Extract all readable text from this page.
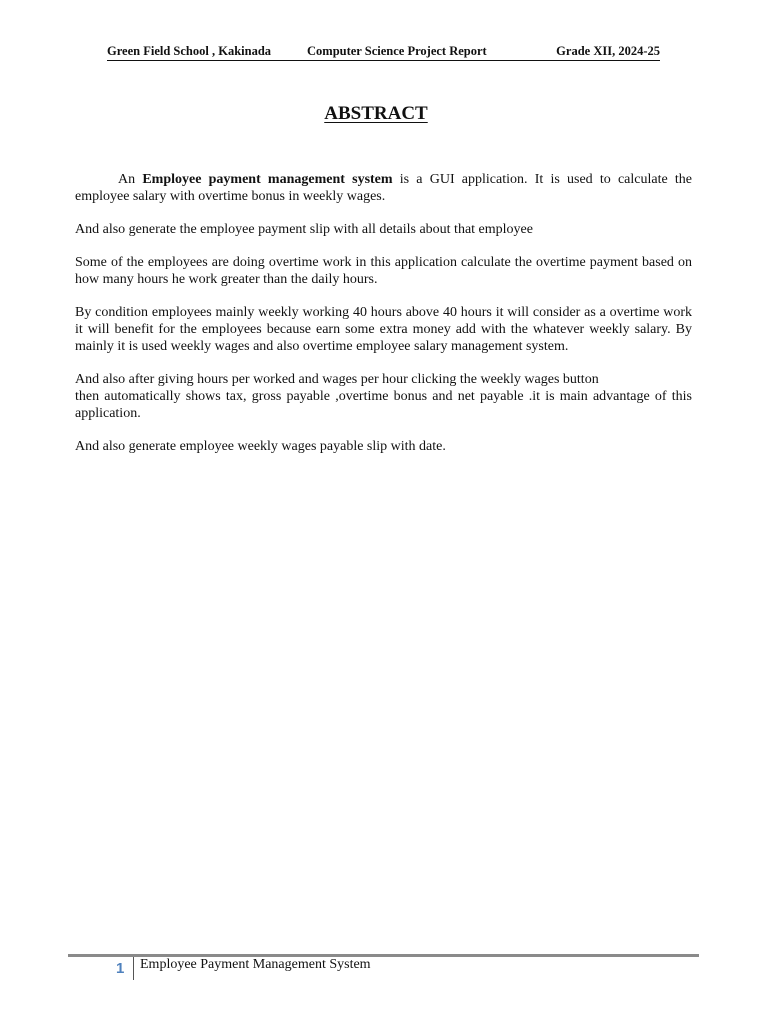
Green Field School , Kakinada	Computer Science Project Report	Grade XII, 2024-25
ABSTRACT

An Employee payment management system is a GUI application. It is used to calculate the employee salary with overtime bonus in weekly wages.

And also generate the employee payment slip with all details about that employee

Some of the employees are doing overtime work in this application calculate the overtime payment based on how many hours he work greater than the daily hours.

By condition employees mainly weekly working 40 hours above 40 hours it will consider as a overtime work it will benefit for the employees because earn some extra money add with the whatever weekly salary. By mainly it is used weekly wages and also overtime employee salary management system.

And also after giving hours per worked and wages per hour clicking the weekly wages button

then automatically shows tax, gross payable ,overtime bonus and net payable .it is main advantage of this application.

And also generate employee weekly wages payable slip with date.

1 Employee Payment Management System
